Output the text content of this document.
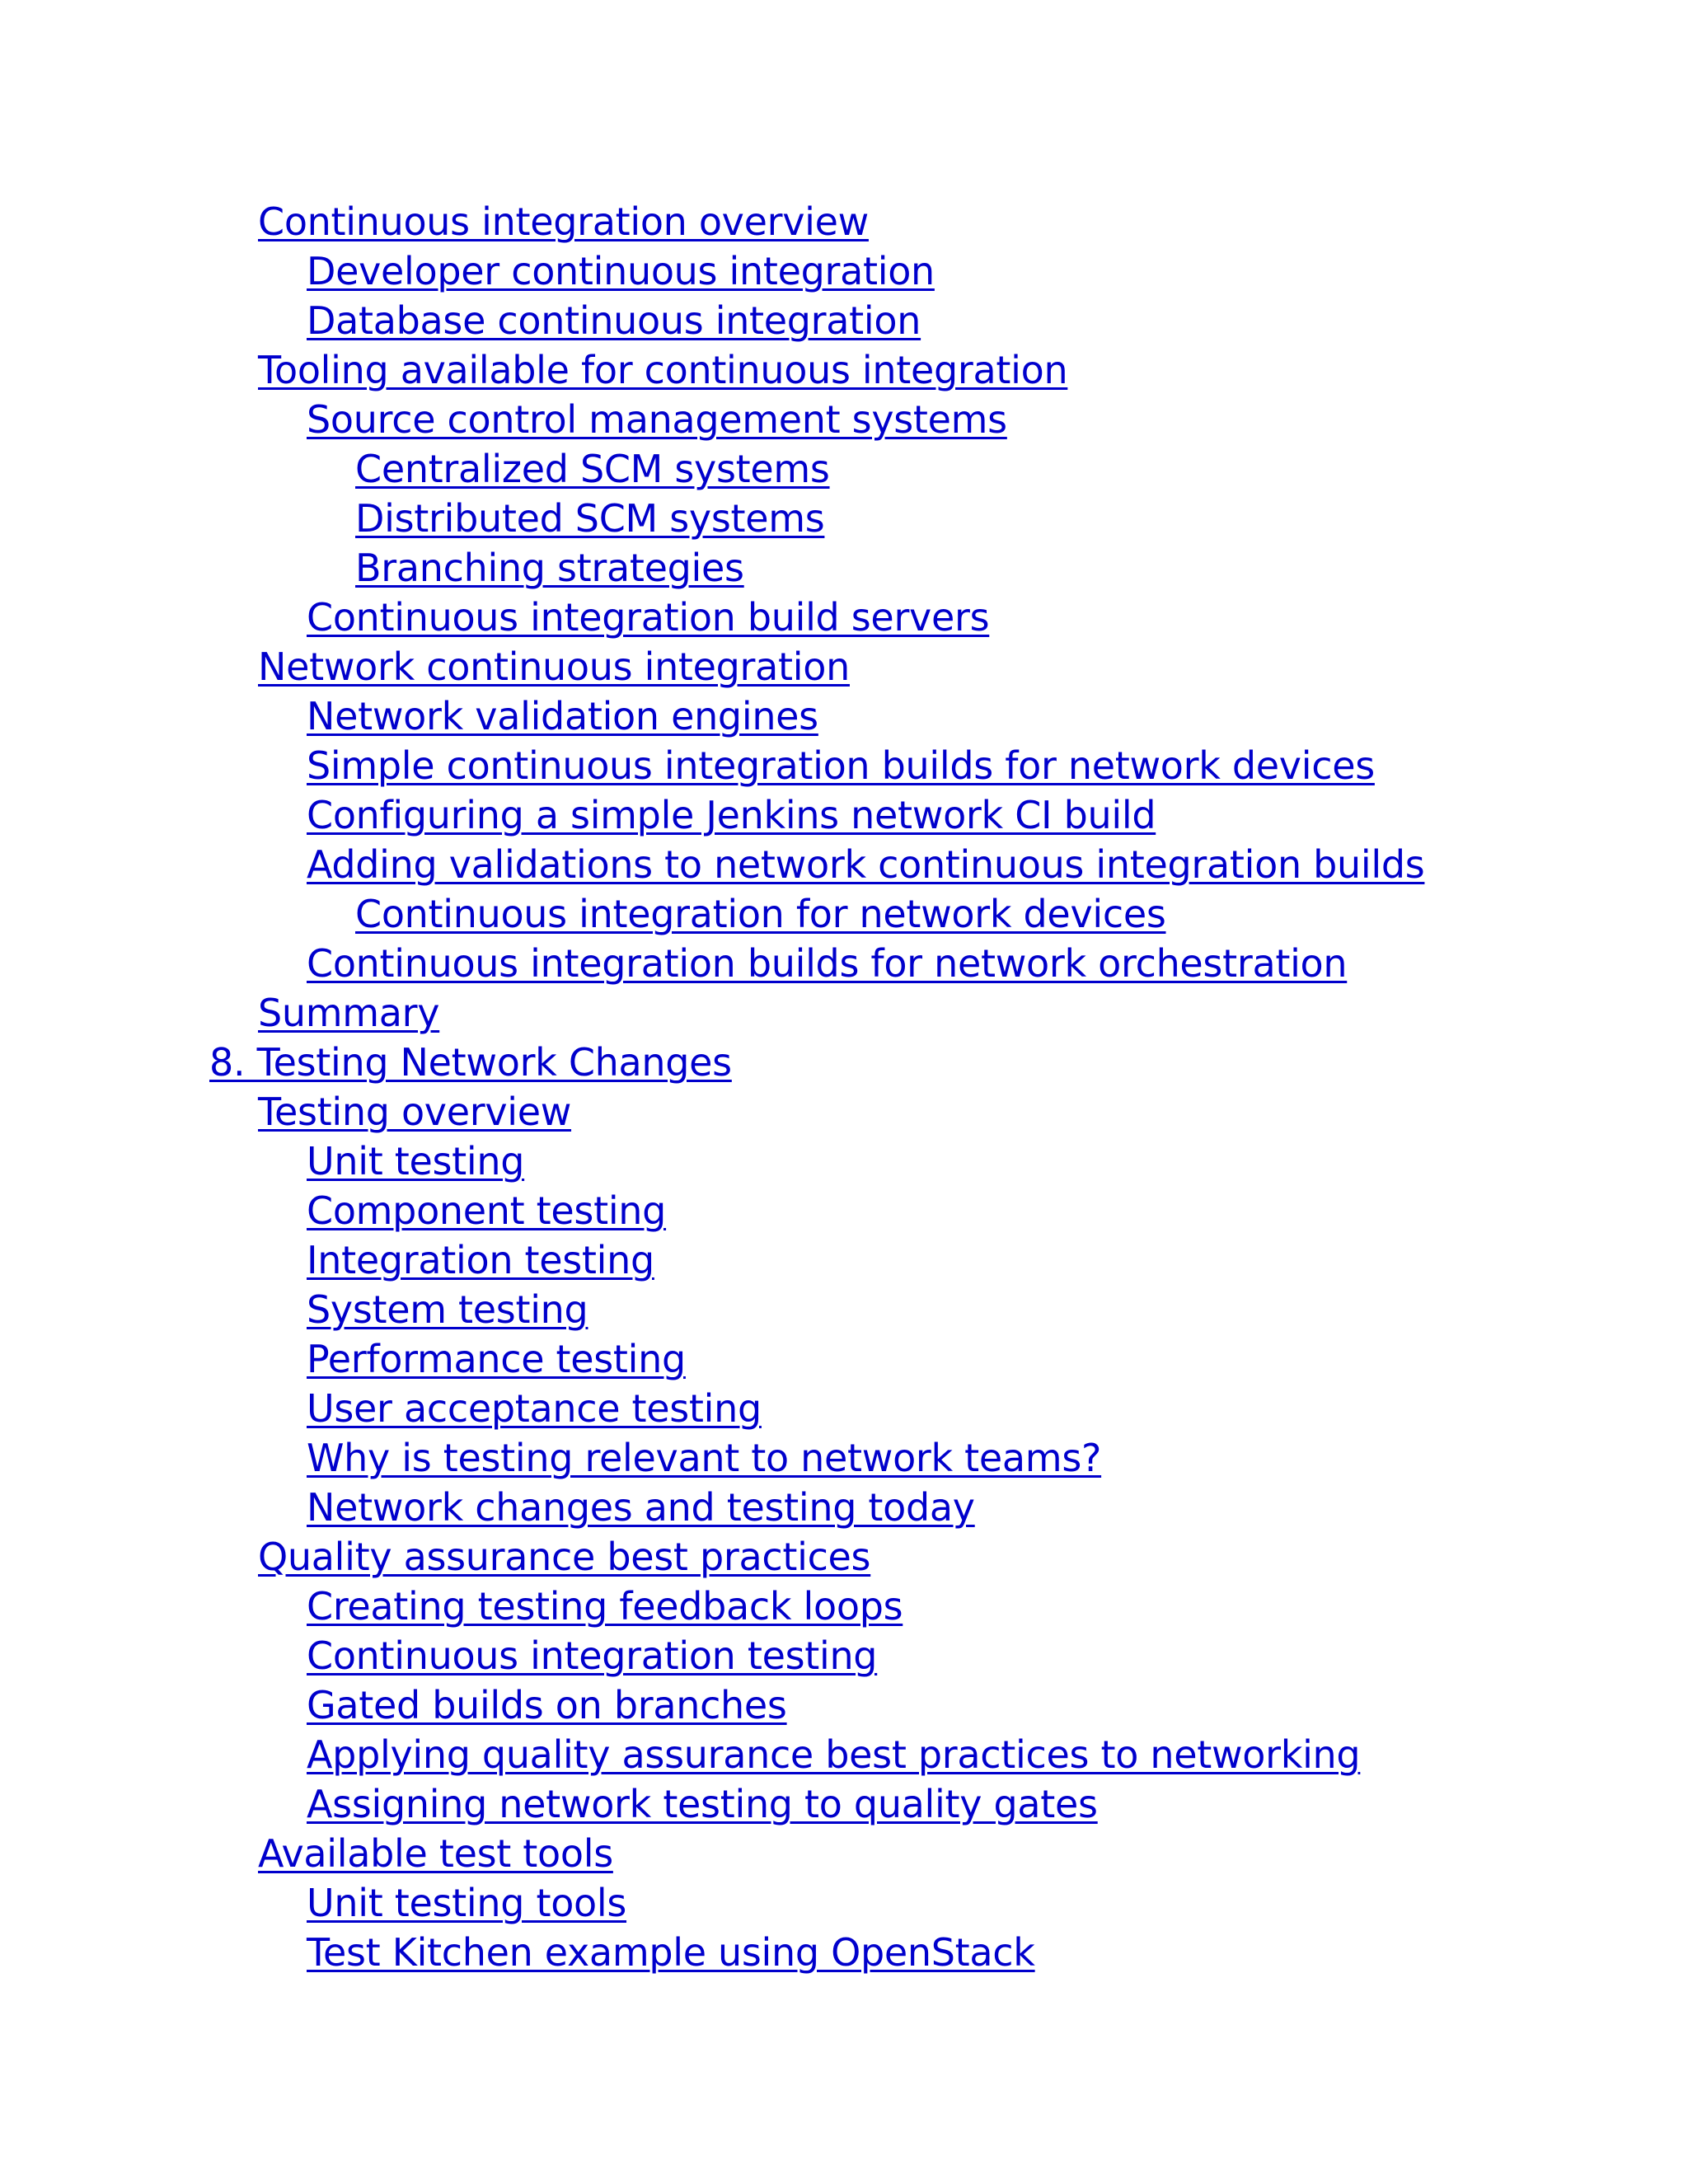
Continuous integration overview
Developer continuous integration
Database continuous integration
Tooling available for continuous integration
Source control management systems
Centralized SCM systems
Distributed SCM systems
Branching strategies
Continuous integration build servers
Network continuous integration
Network validation engines
Simple continuous integration builds for network devices
Configuring a simple Jenkins network CI build
Adding validations to network continuous integration builds
Continuous integration for network devices
Continuous integration builds for network orchestration
Summary
8. Testing Network Changes
Testing overview
Unit testing
Component testing
Integration testing
System testing
Performance testing
User acceptance testing
Why is testing relevant to network teams?
Network changes and testing today
Quality assurance best practices
Creating testing feedback loops
Continuous integration testing
Gated builds on branches
Applying quality assurance best practices to networking
Assigning network testing to quality gates
Available test tools
Unit testing tools
Test Kitchen example using OpenStack
